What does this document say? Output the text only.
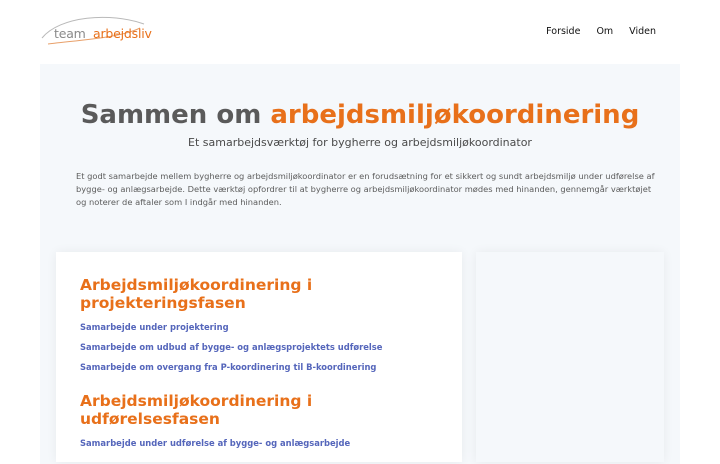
team arbejdsliv	Forside Om Viden
Sammen om arbejdsmiljøkoordinering
Et samarbejdsværktøj for bygherre og arbejdsmiljøkoordinator
Et godt samarbejde mellem bygherre og arbejdsmiljøkoordinator er en forudsætning for et sikkert og sundt arbejdsmiljø under udførelse af bygge- og anlægsarbejde. Dette værktøj opfordrer til at bygherre og arbejdsmiljøkoordinator mødes med hinanden, gennemgår værktøjet og noterer de aftaler som I indgår med hinanden.
Arbejdsmiljøkoordinering i projekteringsfasen
Samarbejde under projektering
Samarbejde om udbud af bygge- og anlægsprojektets udførelse
Samarbejde om overgang fra P-koordinering til B-koordinering
Arbejdsmiljøkoordinering i udførelsesfasen
Samarbejde under udførelse af bygge- og anlægsarbejde
